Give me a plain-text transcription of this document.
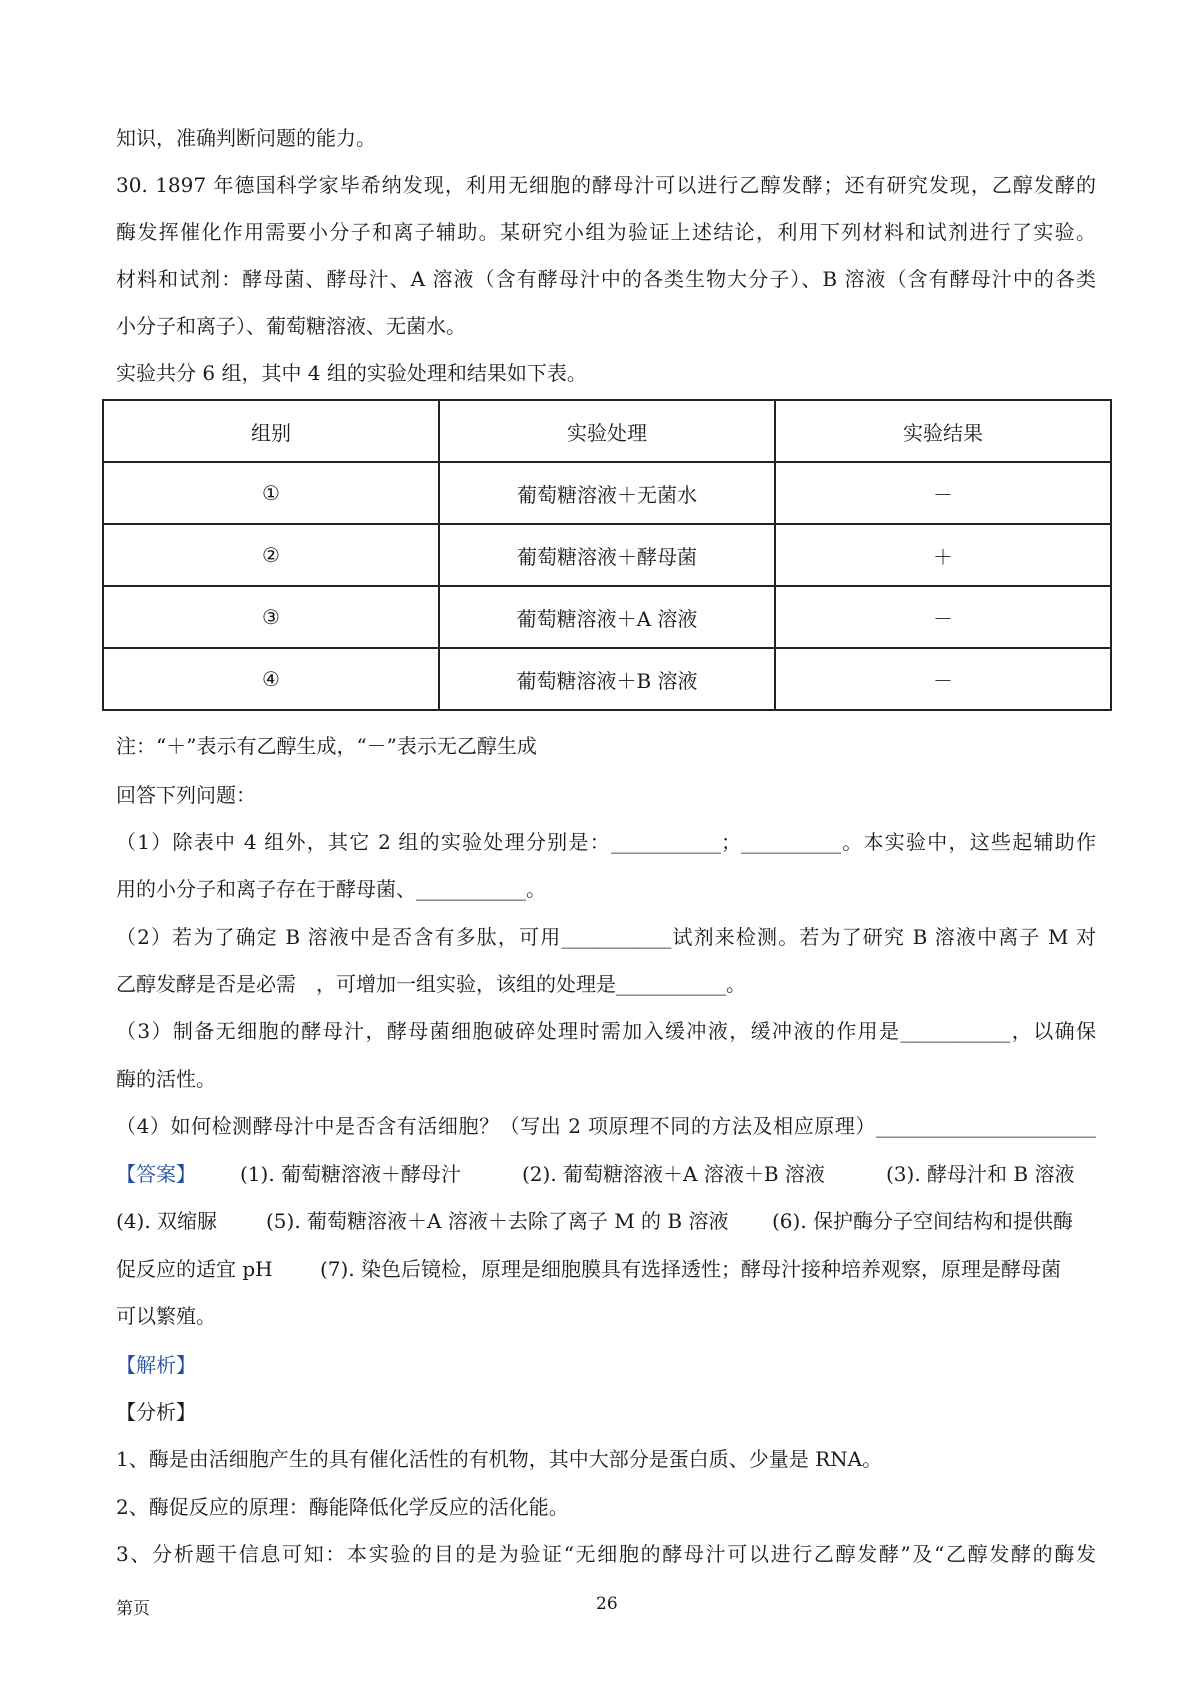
知识，准确判断问题的能力。
30. 1897 年德国科学家毕希纳发现，利用无细胞的酵母汁可以进行乙醇发酵；还有研究发现，乙醇发酵的
酶发挥催化作用需要小分子和离子辅助。某研究小组为验证上述结论，利用下列材料和试剂进行了实验。
材料和试剂：酵母菌、酵母汁、A 溶液（含有酵母汁中的各类生物大分子）、B 溶液（含有酵母汁中的各类
小分子和离子）、葡萄糖溶液、无菌水。
实验共分 6 组，其中 4 组的实验处理和结果如下表。
组别	实验处理	实验结果
①	葡萄糖溶液＋无菌水	－
②	葡萄糖溶液＋酵母菌	＋
③	葡萄糖溶液＋A 溶液	－
④	葡萄糖溶液＋B 溶液	－
注：“＋”表示有乙醇生成，“－”表示无乙醇生成
回答下列问题：
（1）除表中 4 组外，其它 2 组的实验处理分别是：___________；__________。本实验中，这些起辅助作
用的小分子和离子存在于酵母菌、___________。
（2）若为了确定 B 溶液中是否含有多肽，可用___________试剂来检测。若为了研究 B 溶液中离子 M 对
乙醇发酵是否是必需　，可增加一组实验，该组的处理是___________。
（3）制备无细胞的酵母汁，酵母菌细胞破碎处理时需加入缓冲液，缓冲液的作用是___________，以确保
酶的活性。
（4）如何检测酵母汁中是否含有活细胞？（写出 2 项原理不同的方法及相应原理）______________________
【答案】 (1). 葡萄糖溶液＋酵母汁	(2). 葡萄糖溶液＋A 溶液＋B 溶液	(3). 酵母汁和 B 溶液
(4). 双缩脲 (5). 葡萄糖溶液＋A 溶液＋去除了离子 M 的 B 溶液 (6). 保护酶分子空间结构和提供酶
促反应的适宜 pH (7). 染色后镜检，原理是细胞膜具有选择透性；酵母汁接种培养观察，原理是酵母菌
可以繁殖。
【解析】
【分析】
1、酶是由活细胞产生的具有催化活性的有机物，其中大部分是蛋白质、少量是 RNA。
2、酶促反应的原理：酶能降低化学反应的活化能。
3、分析题干信息可知：本实验的目的是为验证“无细胞的酵母汁可以进行乙醇发酵”及“乙醇发酵的酶发
第页	26
